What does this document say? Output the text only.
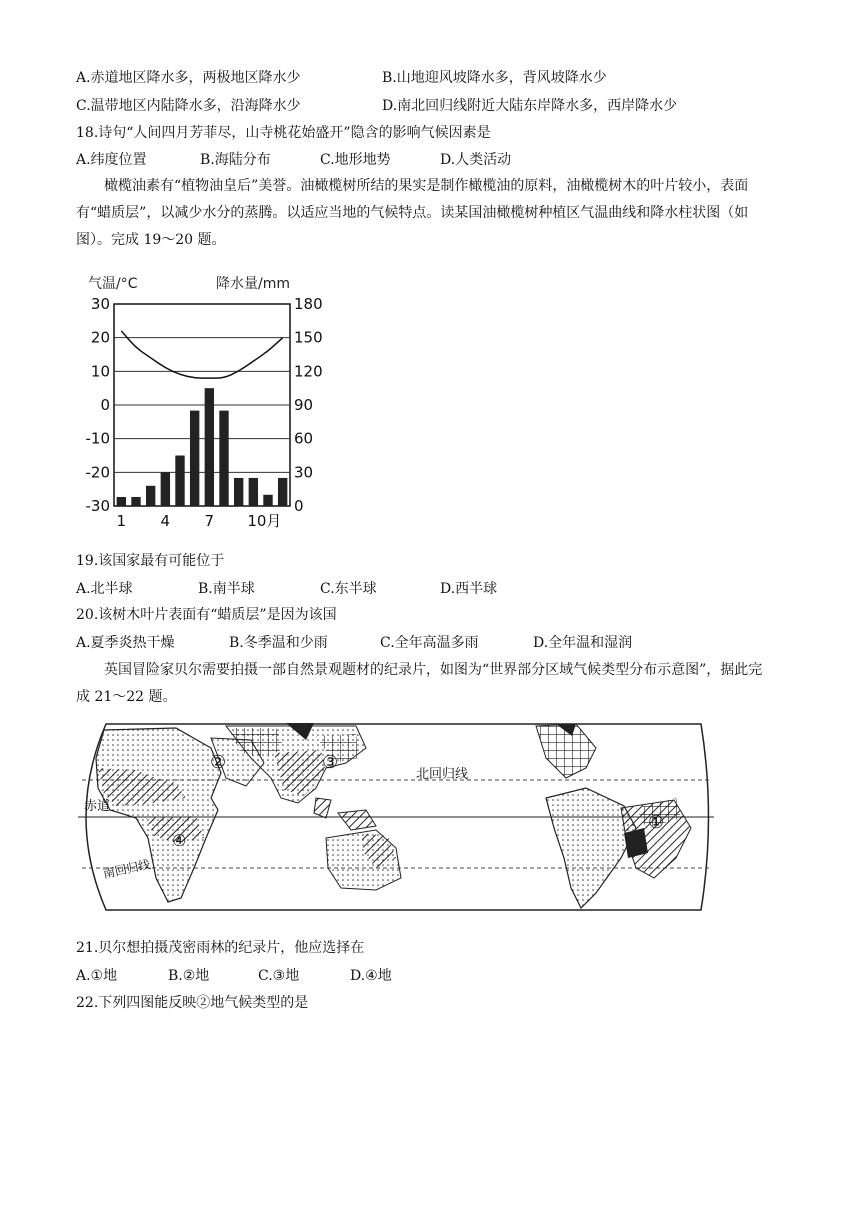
A.赤道地区降水多，两极地区降水少	B.山地迎风坡降水多，背风坡降水少
C.温带地区内陆降水多，沿海降水少	D.南北回归线附近大陆东岸降水多，西岸降水少
18.诗句“人间四月芳菲尽，山寺桃花始盛开”隐含的影响气候因素是
A.纬度位置	B.海陆分布	C.地形地势	D.人类活动
橄榄油素有“植物油皇后”美誉。油橄榄树所结的果实是制作橄榄油的原料，油橄榄树木的叶片较小，表面有“蜡质层”，以减少水分的蒸腾。以适应当地的气候特点。读某国油橄榄树种植区气温曲线和降水柱状图（如图）。完成 19～20 题。
气温/°C	降水量/mm
30	180
20	150
10	120
0	90
-10	60
-20	30
-30	0
1 4 7 10月
19.该国家最有可能位于
A.北半球	B.南半球	C.东半球	D.西半球
20.该树木叶片表面有“蜡质层”是因为该国
A.夏季炎热干燥	B.冬季温和少雨	C.全年高温多雨	D.全年温和湿润
英国冒险家贝尔需要拍摄一部自然景观题材的纪录片，如图为“世界部分区域气候类型分布示意图”，据此完成 21～22 题。
北回归线
赤道
南回归线
①
②	③
④
21.贝尔想拍摄茂密雨林的纪录片，他应选择在
A.①地	B.②地	C.③地	D.④地
22.下列四图能反映②地气候类型的是
